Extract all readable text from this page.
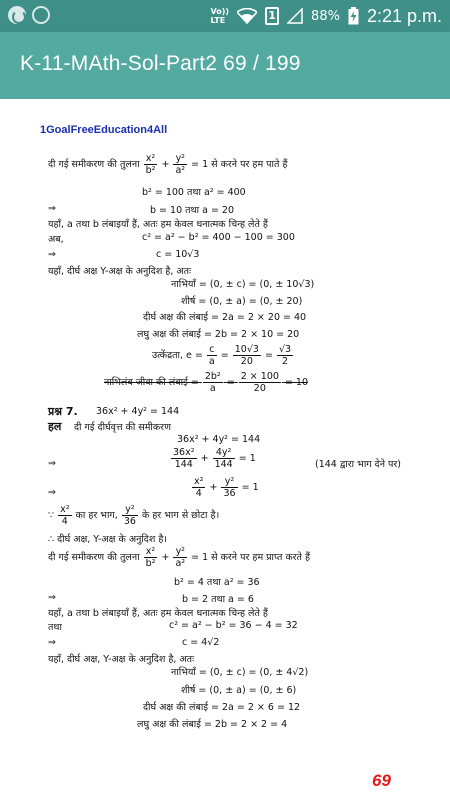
Vo))
LTE	1	88% 2:21 p.m.
K-11-MAth-Sol-Part2 69 / 199
1GoalFreeEducation4All
दी गई समीकरण की तुलना $\frac{\text{x²}}{\text{b²}} + \frac{\text{y²}}{\text{a²}} = 1$ से करने पर हम पाते हैं
b² = 100 तथा a² = 400
⇒	b = 10 तथा a = 20
यहाँ, a तथा b लंबाइयाँ हैं, अतः हम केवल धनात्मक चिन्ह लेते हैं
अब,	c² = a² − b² = 400 − 100 = 300
⇒	c = 10√3
यहाँ, दीर्घ अक्ष Y-अक्ष के अनुदिश है, अतः
नाभियाँ = (0, ± c) = (0, ± 10√3)
शीर्ष = (0, ± a) = (0, ± 20)
दीर्घ अक्ष की लंबाई = 2a = 2 × 20 = 40
लघु अक्ष की लंबाई = 2b = 2 × 10 = 20
उत्केंद्रता, $e = \frac{c}{a} = \frac{10√3}{20} = \frac{√3}{2}$
नाभिलंब जीवा की लंबाई = $\frac{\text{2b²}}{a} = \frac{2 \times 100}{20} = 10$
प्रश्न 7. 36x² + 4y² = 144
हल दी गई दीर्घवृत्त की समीकरण
36x² + 4y² = 144
⇒	$\frac{\text{36x²}}{144} + \frac{\text{4y²}}{144} = 1$
(144 द्वारा भाग देने पर)
⇒	$\frac{\text{x²}}{4} + \frac{\text{y²}}{36} = 1$
∵ $\frac{\text{x²}}{4}$ का हर भाग, $\frac{\text{y²}}{36}$ के हर भाग से छोटा है।
∴ दीर्घ अक्ष, Y-अक्ष के अनुदिश है।
दी गई समीकरण की तुलना $\frac{\text{x²}}{\text{b²}} + \frac{\text{y²}}{\text{a²}} = 1$ से करने पर हम प्राप्त करते हैं
b² = 4 तथा a² = 36
⇒	b = 2 तथा a = 6
यहाँ, a तथा b लंबाइयाँ हैं, अतः हम केवल धनात्मक चिन्ह लेते हैं
तथा	c² = a² − b² = 36 − 4 = 32
⇒	c = 4√2
यहाँ, दीर्घ अक्ष, Y-अक्ष के अनुदिश है, अतः
नाभियाँ = (0, ± c) = (0, ± 4√2)
शीर्ष = (0, ± a) = (0, ± 6)
दीर्घ अक्ष की लंबाई = 2a = 2 × 6 = 12
लघु अक्ष की लंबाई = 2b = 2 × 2 = 4
69
